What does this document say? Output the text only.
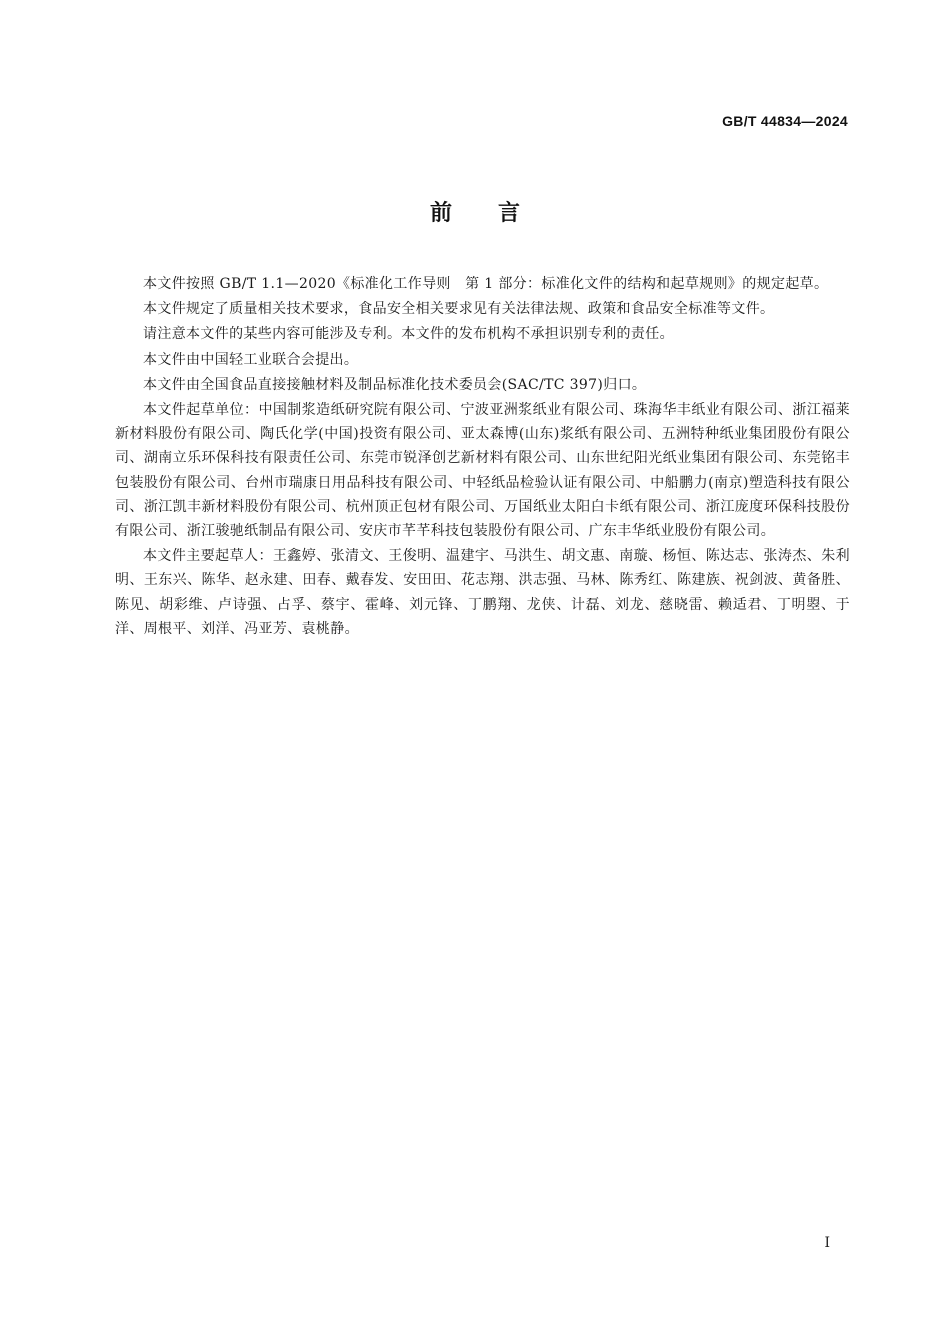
GB/T 44834—2024
前言

本文件按照 GB/T 1.1—2020《标准化工作导则　第 1 部分：标准化文件的结构和起草规则》的规定起草。

本文件规定了质量相关技术要求，食品安全相关要求见有关法律法规、政策和食品安全标准等文件。

请注意本文件的某些内容可能涉及专利。本文件的发布机构不承担识别专利的责任。

本文件由中国轻工业联合会提出。

本文件由全国食品直接接触材料及制品标准化技术委员会(SAC/TC 397)归口。

本文件起草单位：中国制浆造纸研究院有限公司、宁波亚洲浆纸业有限公司、珠海华丰纸业有限公司、浙江福莱新材料股份有限公司、陶氏化学(中国)投资有限公司、亚太森博(山东)浆纸有限公司、五洲特种纸业集团股份有限公司、湖南立乐环保科技有限责任公司、东莞市锐泽创艺新材料有限公司、山东世纪阳光纸业集团有限公司、东莞铭丰包装股份有限公司、台州市瑞康日用品科技有限公司、中轻纸品检验认证有限公司、中船鹏力(南京)塑造科技有限公司、浙江凯丰新材料股份有限公司、杭州顶正包材有限公司、万国纸业太阳白卡纸有限公司、浙江庞度环保科技股份有限公司、浙江骏驰纸制品有限公司、安庆市芊芊科技包装股份有限公司、广东丰华纸业股份有限公司。

本文件主要起草人：王鑫婷、张清文、王俊明、温建宇、马洪生、胡文惠、南璇、杨恒、陈达志、张涛杰、朱利明、王东兴、陈华、赵永建、田春、戴春发、安田田、花志翔、洪志强、马林、陈秀红、陈建族、祝剑波、黄备胜、陈见、胡彩维、卢诗强、占孚、蔡宇、霍峰、刘元锋、丁鹏翔、龙侠、计磊、刘龙、慈晓雷、赖适君、丁明曌、于洋、周根平、刘洋、冯亚芳、袁桃静。

I
